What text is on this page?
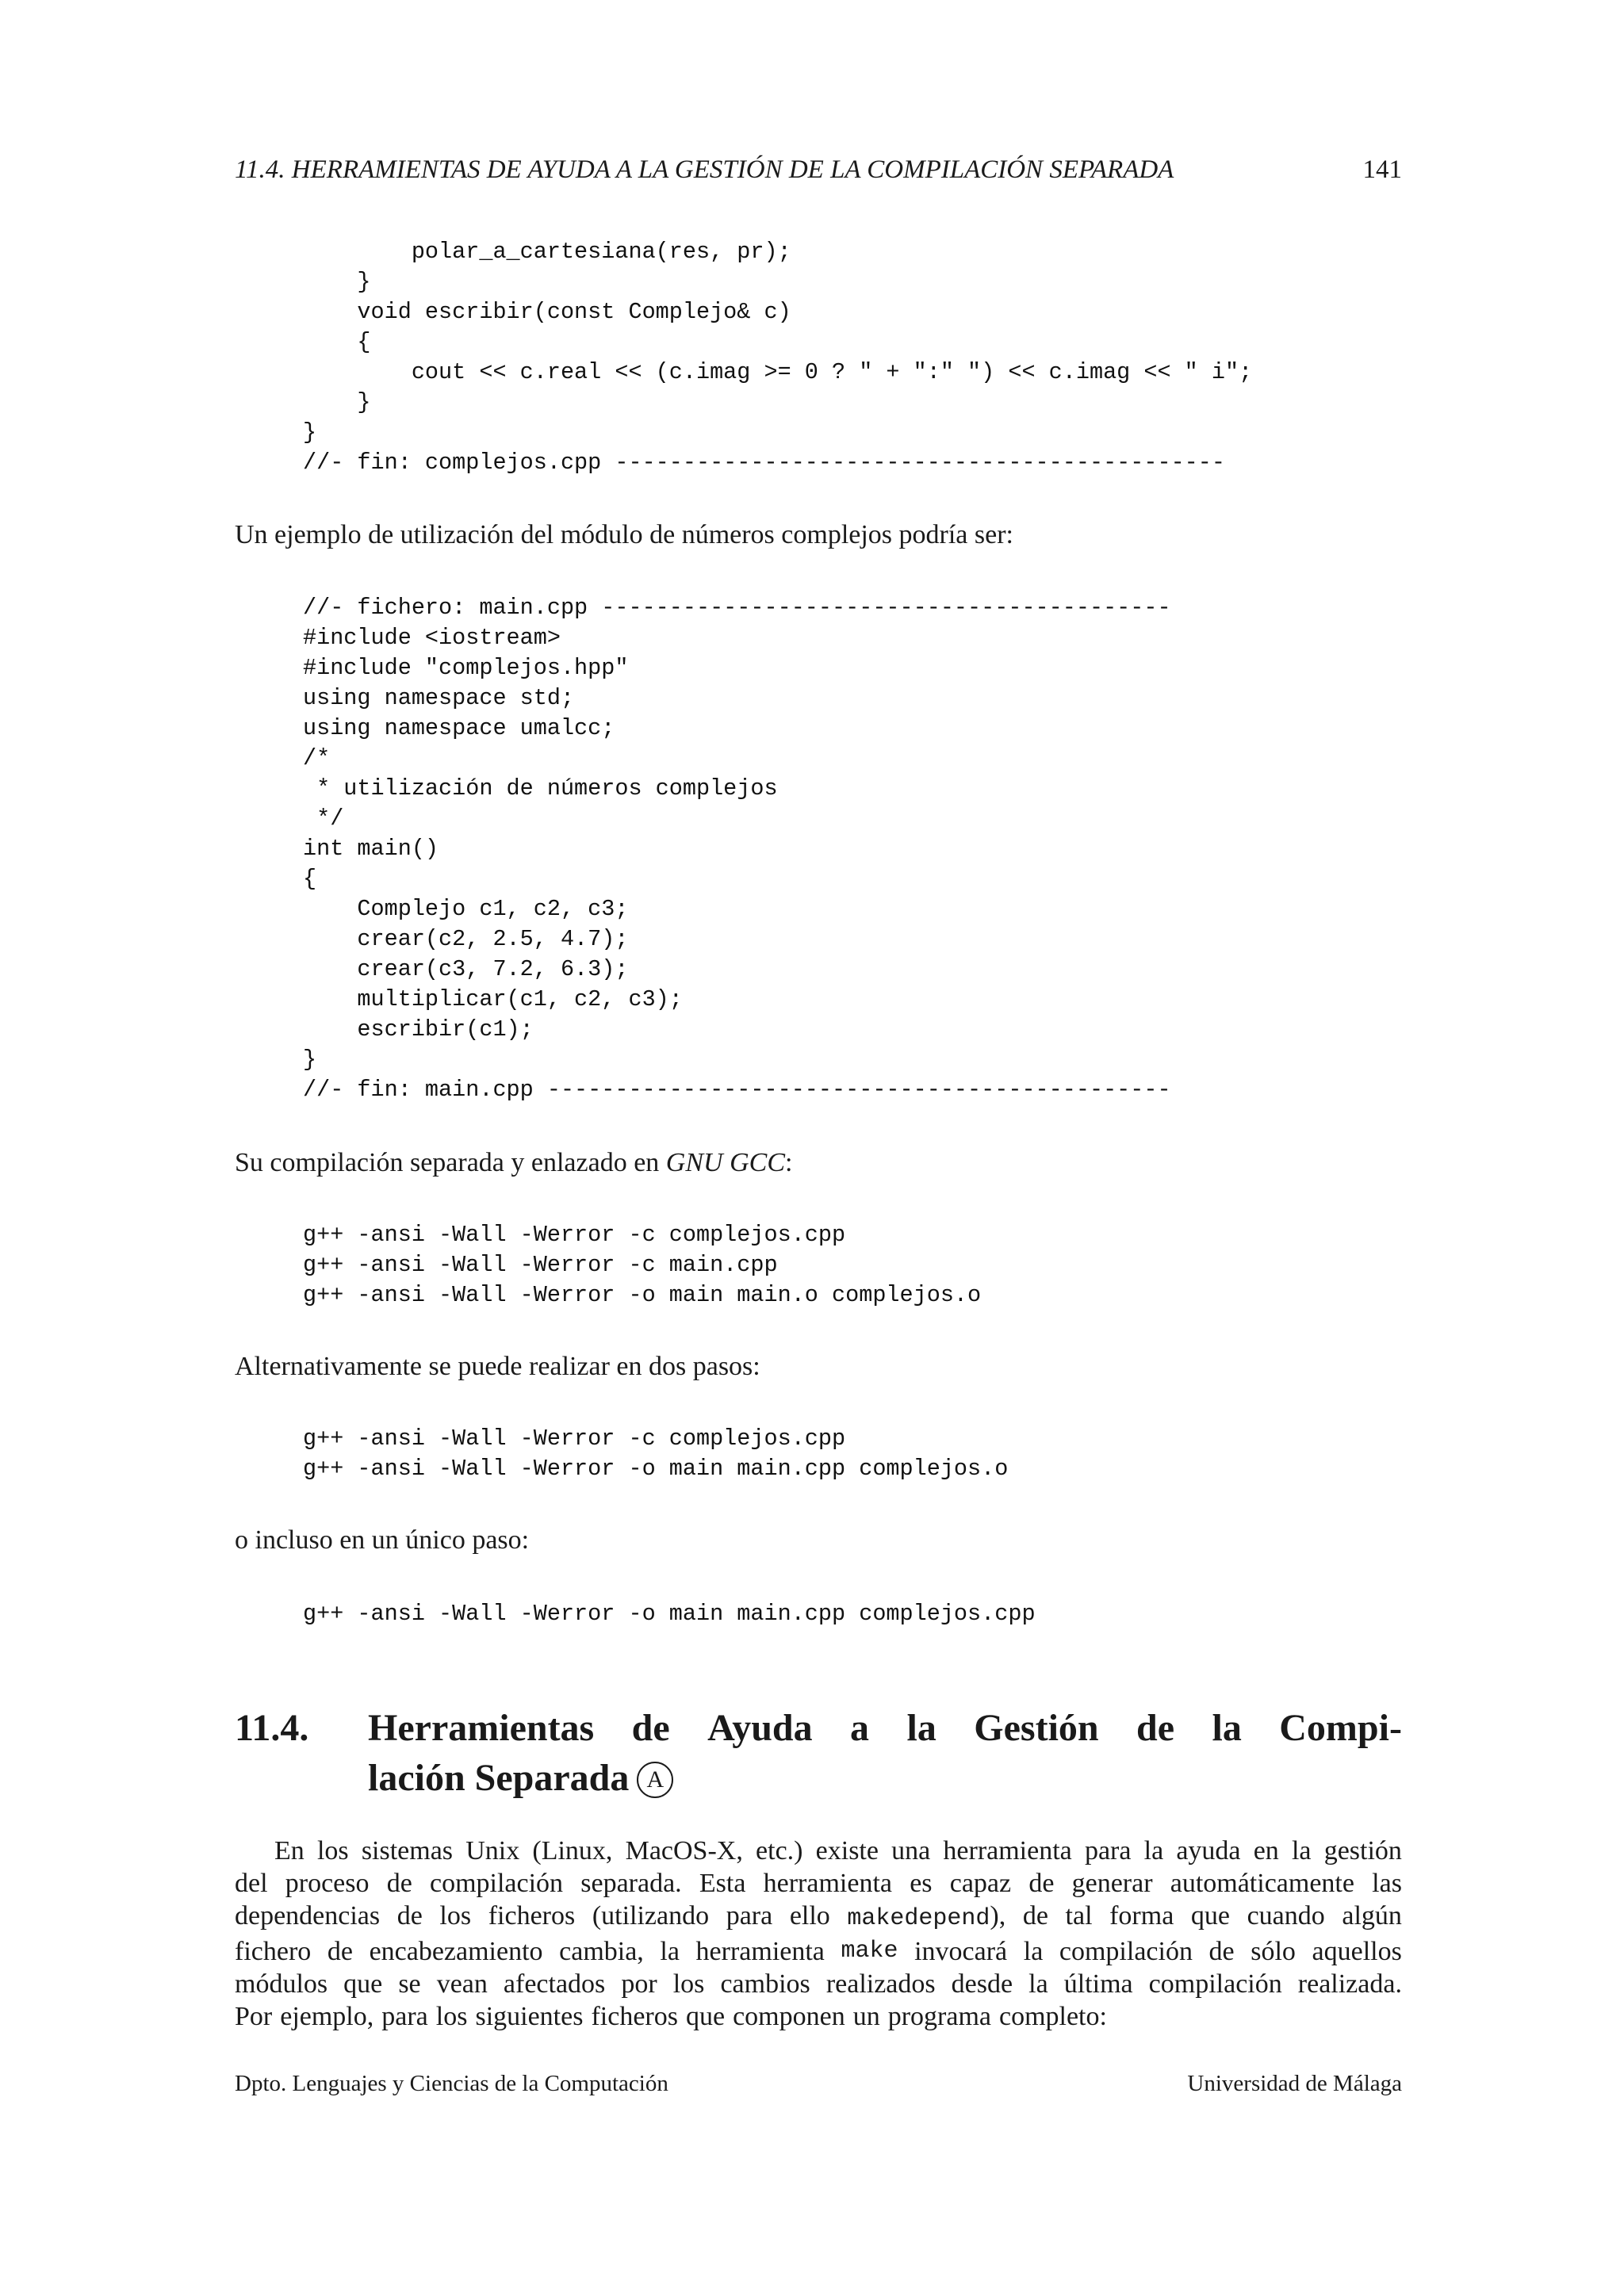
11.4. HERRAMIENTAS DE AYUDA A LA GESTIÓN DE LA COMPILACIÓN SEPARADA	141
polar_a_cartesiana(res, pr);
}
void escribir(const Complejo& c)
{
cout << c.real << (c.imag >= 0 ? " + ":" ") << c.imag << " i";
}
}
//- fin: complejos.cpp ---------------------------------------------

Un ejemplo de utilización del módulo de números complejos podría ser:

//- fichero: main.cpp ------------------------------------------
#include <iostream>
#include "complejos.hpp"
using namespace std;
using namespace umalcc;
/*
* utilización de números complejos
*/
int main()
{
Complejo c1, c2, c3;
crear(c2, 2.5, 4.7);
crear(c3, 7.2, 6.3);
multiplicar(c1, c2, c3);
escribir(c1);
}
//- fin: main.cpp ----------------------------------------------

Su compilación separada y enlazado en GNU GCC:

g++ -ansi -Wall -Werror -c complejos.cpp
g++ -ansi -Wall -Werror -c main.cpp
g++ -ansi -Wall -Werror -o main main.o complejos.o

Alternativamente se puede realizar en dos pasos:

g++ -ansi -Wall -Werror -c complejos.cpp
g++ -ansi -Wall -Werror -o main main.cpp complejos.o

o incluso en un único paso:

g++ -ansi -Wall -Werror -o main main.cpp complejos.cpp
11.4. Herramientas de Ayuda a la Gestión de la Compi-
lación Separada A
En los sistemas Unix (Linux, MacOS-X, etc.) existe una herramienta para la ayuda en la gestión
del proceso de compilación separada. Esta herramienta es capaz de generar automáticamente las
dependencias de los ficheros (utilizando para ello makedepend), de tal forma que cuando algún
fichero de encabezamiento cambia, la herramienta make invocará la compilación de sólo aquellos
módulos que se vean afectados por los cambios realizados desde la última compilación realizada.
Por ejemplo, para los siguientes ficheros que componen un programa completo:
Dpto. Lenguajes y Ciencias de la Computación	Universidad de Málaga
